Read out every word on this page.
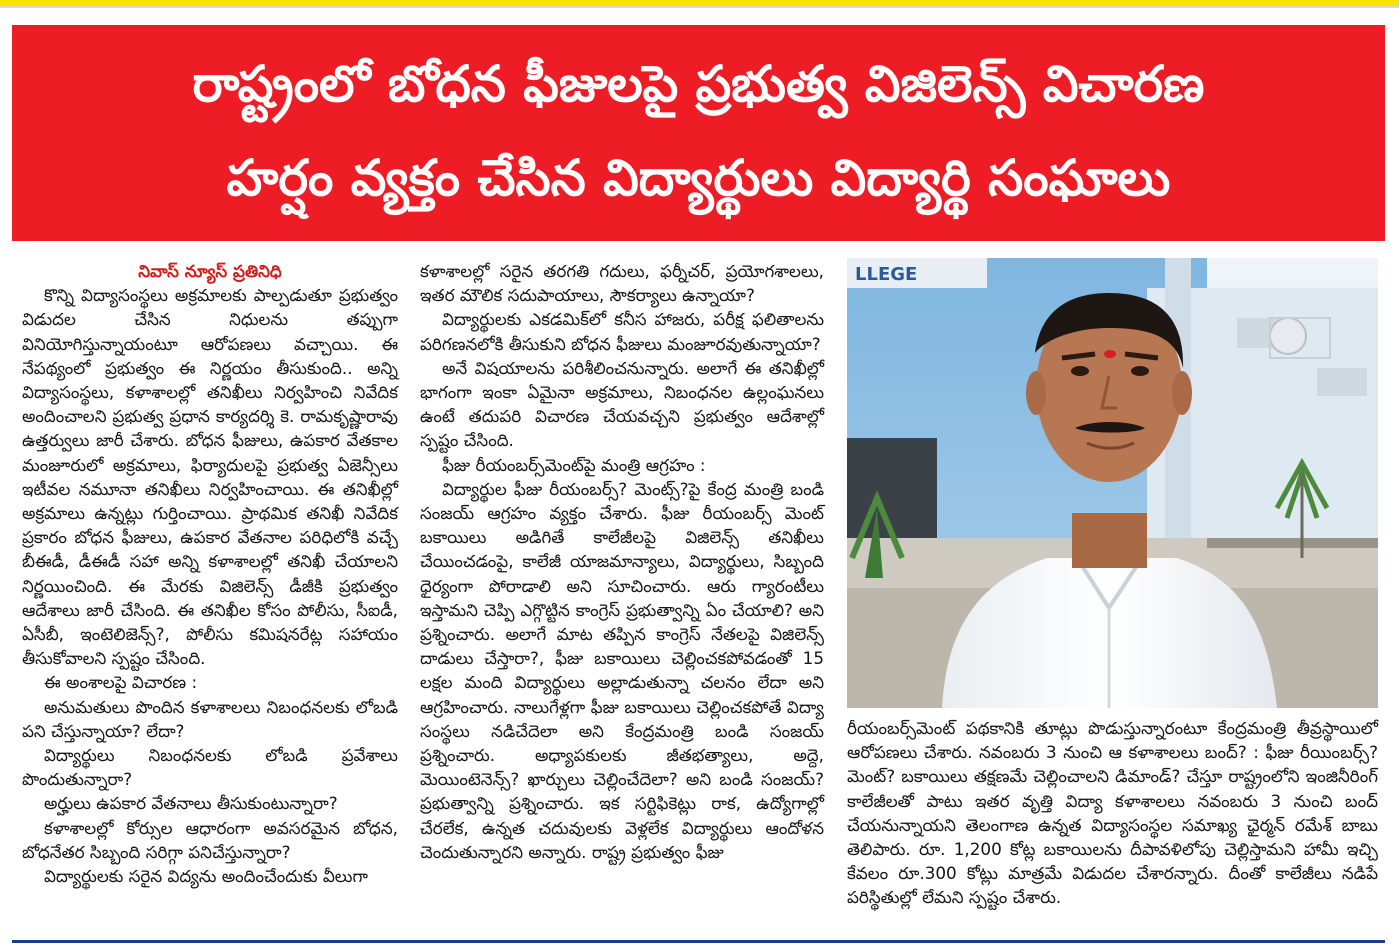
రాష్ట్రంలో బోధన ఫీజులపై ప్రభుత్వ విజిలెన్స్ విచారణ
హర్షం వ్యక్తం చేసిన విద్యార్థులు విద్యార్థి సంఘాలు

నివాస్ న్యూస్ ప్రతినిధి

కొన్ని విద్యాసంస్థలు అక్రమాలకు పాల్పడుతూ ప్రభుత్వం విడుదల చేసిన నిధులను తప్పుగా వినియోగిస్తున్నాయంటూ ఆరోపణలు వచ్చాయి. ఈ నేపథ్యంలో ప్రభుత్వం ఈ నిర్ణయం తీసుకుంది.. అన్ని విద్యాసంస్థలు, కళాశాలల్లో తనిఖీలు నిర్వహించి నివేదిక అందించాలని ప్రభుత్వ ప్రధాన కార్యదర్శి కె. రామకృష్ణారావు ఉత్తర్వులు జారీ చేశారు. బోధన ఫీజులు, ఉపకార వేతకాల మంజూరులో అక్రమాలు, ఫిర్యాదులపై ప్రభుత్వ ఏజెన్సీలు ఇటీవల నమూనా తనిఖీలు నిర్వహించాయి. ఈ తనిఖీల్లో అక్రమాలు ఉన్నట్లు గుర్తించాయి. ప్రాథమిక తనిఖీ నివేదిక ప్రకారం బోధన ఫీజులు, ఉపకార వేతనాల పరిధిలోకి వచ్చే బీఈడీ, డీఈడీ సహా అన్ని కళాశాలల్లో తనిఖీ చేయాలని నిర్ణయించింది. ఈ మేరకు విజిలెన్స్ డీజీకి ప్రభుత్వం ఆదేశాలు జారీ చేసింది. ఈ తనిఖీల కోసం పోలీసు, సీఐడీ, ఏసీబీ, ఇంటెలిజెన్స్?, పోలీసు కమిషనరేట్ల సహాయం తీసుకోవాలని స్పష్టం చేసింది.

ఈ అంశాలపై విచారణ :

అనుమతులు పొందిన కళాశాలలు నిబంధనలకు లోబడి పని చేస్తున్నాయా? లేదా?

విద్యార్థులు నిబంధనలకు లోబడి ప్రవేశాలు పొందుతున్నారా?

అర్హులు ఉపకార వేతనాలు తీసుకుంటున్నారా?

కళాశాలల్లో కోర్సుల ఆధారంగా అవసరమైన బోధన, బోధనేతర సిబ్బంది సరిగ్గా పనిచేస్తున్నారా?

విద్యార్థులకు సరైన విద్యను అందించేందుకు వీలుగా

కళాశాలల్లో సరైన తరగతి గదులు, ఫర్నీచర్, ప్రయోగశాలలు, ఇతర మౌలిక సదుపాయాలు, సౌకర్యాలు ఉన్నాయా?

విద్యార్థులకు ఎకడమిక్‌లో కనీస హాజరు, పరీక్ష ఫలితాలను పరిగణనలోకి తీసుకుని బోధన ఫీజులు మంజూరవుతున్నాయా?

అనే విషయాలను పరిశీలించనున్నారు. అలాగే ఈ తనిఖీల్లో భాగంగా ఇంకా ఏమైనా అక్రమాలు, నిబంధనల ఉల్లంఘనలు ఉంటే తదుపరి విచారణ చేయవచ్చని ప్రభుత్వం ఆదేశాల్లో స్పష్టం చేసింది.

ఫీజు రీయంబర్స్‌మెంట్‌పై మంత్రి ఆగ్రహం :

విద్యార్థుల ఫీజు రీయంబర్స్? మెంట్స్?పై కేంద్ర మంత్రి బండి సంజయ్ ఆగ్రహం వ్యక్తం చేశారు. ఫీజు రీయంబర్స్ మెంట్ బకాయిలు అడిగితే కాలేజీలపై విజిలెన్స్ తనిఖీలు చేయించడంపై, కాలేజీ యాజమాన్యాలు, విద్యార్థులు, సిబ్బంది ధైర్యంగా పోరాడాలి అని సూచించారు. ఆరు గ్యారంటీలు ఇస్తామని చెప్పి ఎగ్గొట్టిన కాంగ్రెస్ ప్రభుత్వాన్ని ఏం చేయాలి? అని ప్రశ్నించారు. అలాగే మాట తప్పిన కాంగ్రెస్ నేతలపై విజిలెన్స్ దాడులు చేస్తారా?, ఫీజు బకాయిలు చెల్లించకపోవడంతో 15 లక్షల మంది విద్యార్థులు అల్లాడుతున్నా చలనం లేదా అని ఆగ్రహించారు. నాలుగేళ్లగా ఫీజు బకాయిలు చెల్లించకపోతే విద్యా సంస్థలు నడిచేదెలా అని కేంద్రమంత్రి బండి సంజయ్ ప్రశ్నించారు. అధ్యాపకులకు జీతభత్యాలు, అద్దె, మెయింటెనెన్స్? ఖార్చులు చెల్లించేదెలా? అని బండి సంజయ్? ప్రభుత్వాన్ని ప్రశ్నించారు. ఇక సర్టిఫికెట్లు రాక, ఉద్యోగాల్లో చేరలేక, ఉన్నత చదువులకు వెళ్లలేక విద్యార్థులు ఆందోళన చెందుతున్నారని అన్నారు. రాష్ట్ర ప్రభుత్వం ఫీజు

LLEGE

రీయంబర్స్‌మెంట్ పథకానికి తూట్లు పొడుస్తున్నారంటూ కేంద్రమంత్రి తీవ్రస్థాయిలో ఆరోపణలు చేశారు. నవంబరు 3 నుంచి ఆ కళాశాలలు బంద్? : ఫీజు రీయింబర్స్?మెంట్? బకాయిలు తక్షణమే చెల్లించాలని డిమాండ్? చేస్తూ రాష్ట్రంలోని ఇంజినీరింగ్ కాలేజీలతో పాటు ఇతర వృత్తి విద్యా కళాశాలలు నవంబరు 3 నుంచి బంద్ చేయనున్నాయని తెలంగాణ ఉన్నత విద్యాసంస్థల సమాఖ్య ఛైర్మన్ రమేశ్ బాబు తెలిపారు. రూ. 1,200 కోట్ల బకాయిలను దీపావళిలోపు చెల్లిస్తామని హామీ ఇచ్చి కేవలం రూ.300 కోట్లు మాత్రమే విడుదల చేశారన్నారు. దీంతో కాలేజీలు నడిపే పరిస్థితుల్లో లేమని స్పష్టం చేశారు.
